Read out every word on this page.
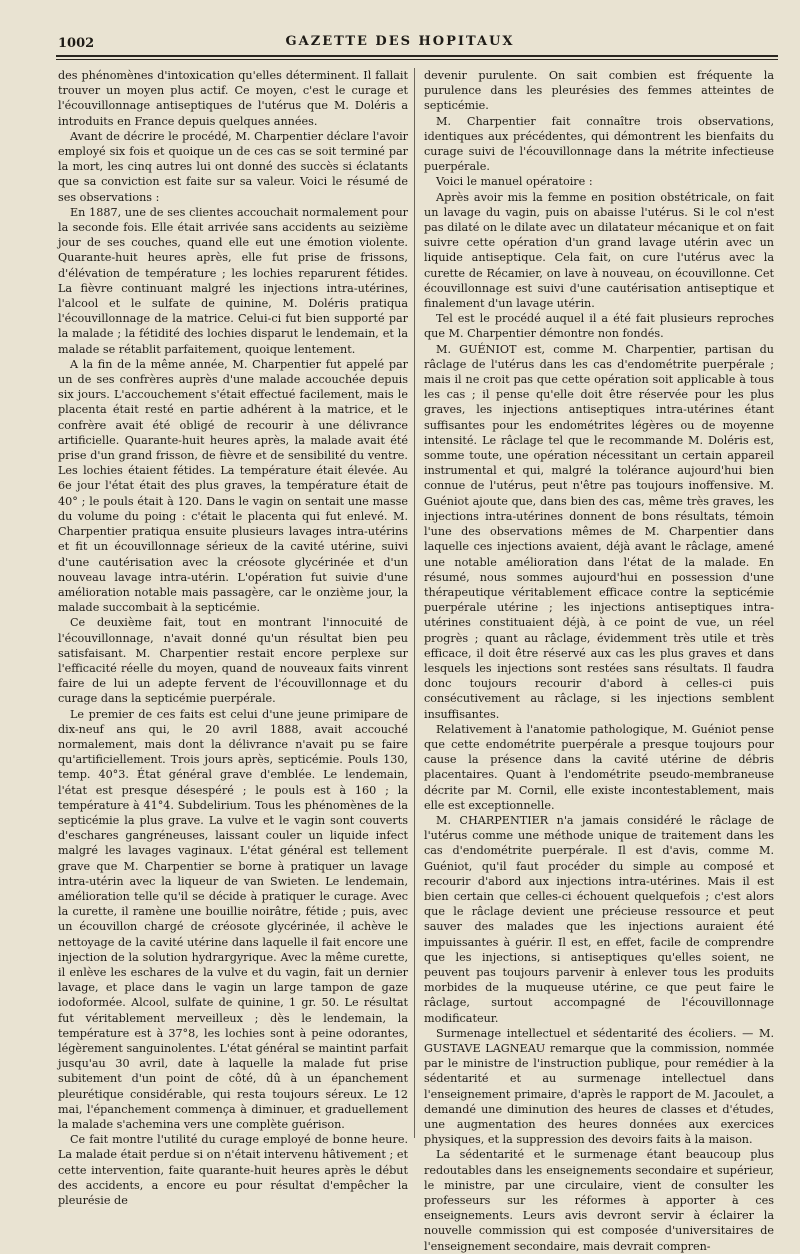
1002	GAZETTE DES HOPITAUX

des phénomènes d'intoxication qu'elles déterminent. Il fallait trouver un moyen plus actif. Ce moyen, c'est le curage et l'écouvillonnage antiseptiques de l'utérus que M. Doléris a introduits en France depuis quelques années.

Avant de décrire le procédé, M. Charpentier déclare l'avoir employé six fois et quoique un de ces cas se soit terminé par la mort, les cinq autres lui ont donné des succès si éclatants que sa conviction est faite sur sa valeur. Voici le résumé de ses observations :

En 1887, une de ses clientes accouchait normalement pour la seconde fois. Elle était arrivée sans accidents au seizième jour de ses couches, quand elle eut une émotion violente. Quarante-huit heures après, elle fut prise de frissons, d'élévation de température ; les lochies reparurent fétides. La fièvre continuant malgré les injections intra-utérines, l'alcool et le sulfate de quinine, M. Doléris pratiqua l'écouvillonnage de la matrice. Celui-ci fut bien supporté par la malade ; la fétidité des lochies disparut le lendemain, et la malade se rétablit parfaitement, quoique lentement.

A la fin de la même année, M. Charpentier fut appelé par un de ses confrères auprès d'une malade accouchée depuis six jours. L'accouchement s'était effectué facilement, mais le placenta était resté en partie adhérent à la matrice, et le confrère avait été obligé de recourir à une délivrance artificielle. Quarante-huit heures après, la malade avait été prise d'un grand frisson, de fièvre et de sensibilité du ventre. Les lochies étaient fétides. La température était élevée. Au 6e jour l'état était des plus graves, la température était de 40° ; le pouls était à 120. Dans le vagin on sentait une masse du volume du poing : c'était le placenta qui fut enlevé. M. Charpentier pratiqua ensuite plusieurs lavages intra-utérins et fit un écouvillonnage sérieux de la cavité utérine, suivi d'une cautérisation avec la créosote glycérinée et d'un nouveau lavage intra-utérin. L'opération fut suivie d'une amélioration notable mais passagère, car le onzième jour, la malade succombait à la septicémie.

Ce deuxième fait, tout en montrant l'innocuité de l'écouvillonnage, n'avait donné qu'un résultat bien peu satisfaisant. M. Charpentier restait encore perplexe sur l'efficacité réelle du moyen, quand de nouveaux faits vinrent faire de lui un adepte fervent de l'écouvillonnage et du curage dans la septicémie puerpérale.

Le premier de ces faits est celui d'une jeune primipare de dix-neuf ans qui, le 20 avril 1888, avait accouché normalement, mais dont la délivrance n'avait pu se faire qu'artificiellement. Trois jours après, septicémie. Pouls 130, temp. 40°3. État général grave d'emblée. Le lendemain, l'état est presque désespéré ; le pouls est à 160 ; la température à 41°4. Subdelirium. Tous les phénomènes de la septicémie la plus grave. La vulve et le vagin sont couverts d'eschares gangréneuses, laissant couler un liquide infect malgré les lavages vaginaux. L'état général est tellement grave que M. Charpentier se borne à pratiquer un lavage intra-utérin avec la liqueur de van Swieten. Le lendemain, amélioration telle qu'il se décide à pratiquer le curage. Avec la curette, il ramène une bouillie noirâtre, fétide ; puis, avec un écouvillon chargé de créosote glycérinée, il achève le nettoyage de la cavité utérine dans laquelle il fait encore une injection de la solution hydrargyrique. Avec la même curette, il enlève les eschares de la vulve et du vagin, fait un dernier lavage, et place dans le vagin un large tampon de gaze iodoformée. Alcool, sulfate de quinine, 1 gr. 50. Le résultat fut véritablement merveilleux ; dès le lendemain, la température est à 37°8, les lochies sont à peine odorantes, légèrement sanguinolentes. L'état général se maintint parfait jusqu'au 30 avril, date à laquelle la malade fut prise subitement d'un point de côté, dû à un épanchement pleurétique considérable, qui resta toujours séreux. Le 12 mai, l'épanchement commença à diminuer, et graduellement la malade s'achemina vers une complète guérison.

Ce fait montre l'utilité du curage employé de bonne heure. La malade était perdue si on n'était intervenu hâtivement ; et cette intervention, faite quarante-huit heures après le début des accidents, a encore eu pour résultat d'empêcher la pleurésie de

devenir purulente. On sait combien est fréquente la purulence dans les pleurésies des femmes atteintes de septicémie.

M. Charpentier fait connaître trois observations, identiques aux précédentes, qui démontrent les bienfaits du curage suivi de l'écouvillonnage dans la métrite infectieuse puerpérale.

Voici le manuel opératoire :

Après avoir mis la femme en position obstétricale, on fait un lavage du vagin, puis on abaisse l'utérus. Si le col n'est pas dilaté on le dilate avec un dilatateur mécanique et on fait suivre cette opération d'un grand lavage utérin avec un liquide antiseptique. Cela fait, on cure l'utérus avec la curette de Récamier, on lave à nouveau, on écouvillonne. Cet écouvillonnage est suivi d'une cautérisation antiseptique et finalement d'un lavage utérin.

Tel est le procédé auquel il a été fait plusieurs reproches que M. Charpentier démontre non fondés.

M. GUÉNIOT est, comme M. Charpentier, partisan du râclage de l'utérus dans les cas d'endométrite puerpérale ; mais il ne croit pas que cette opération soit applicable à tous les cas ; il pense qu'elle doit être réservée pour les plus graves, les injections antiseptiques intra-utérines étant suffisantes pour les endométrites légères ou de moyenne intensité. Le râclage tel que le recommande M. Doléris est, somme toute, une opération nécessitant un certain appareil instrumental et qui, malgré la tolérance aujourd'hui bien connue de l'utérus, peut n'être pas toujours inoffensive. M. Guéniot ajoute que, dans bien des cas, même très graves, les injections intra-utérines donnent de bons résultats, témoin l'une des observations mêmes de M. Charpentier dans laquelle ces injections avaient, déjà avant le râclage, amené une notable amélioration dans l'état de la malade. En résumé, nous sommes aujourd'hui en possession d'une thérapeutique véritablement efficace contre la septicémie puerpérale utérine ; les injections antiseptiques intra-utérines constituaient déjà, à ce point de vue, un réel progrès ; quant au râclage, évidemment très utile et très efficace, il doit être réservé aux cas les plus graves et dans lesquels les injections sont restées sans résultats. Il faudra donc toujours recourir d'abord à celles-ci puis consécutivement au râclage, si les injections semblent insuffisantes.

Relativement à l'anatomie pathologique, M. Guéniot pense que cette endométrite puerpérale a presque toujours pour cause la présence dans la cavité utérine de débris placentaires. Quant à l'endométrite pseudo-membraneuse décrite par M. Cornil, elle existe incontestablement, mais elle est exceptionnelle.

M. CHARPENTIER n'a jamais considéré le râclage de l'utérus comme une méthode unique de traitement dans les cas d'endométrite puerpérale. Il est d'avis, comme M. Guéniot, qu'il faut procéder du simple au composé et recourir d'abord aux injections intra-utérines. Mais il est bien certain que celles-ci échouent quelquefois ; c'est alors que le râclage devient une précieuse ressource et peut sauver des malades que les injections auraient été impuissantes à guérir. Il est, en effet, facile de comprendre que les injections, si antiseptiques qu'elles soient, ne peuvent pas toujours parvenir à enlever tous les produits morbides de la muqueuse utérine, ce que peut faire le râclage, surtout accompagné de l'écouvillonnage modificateur.

Surmenage intellectuel et sédentarité des écoliers. — M. GUSTAVE LAGNEAU remarque que la commission, nommée par le ministre de l'instruction publique, pour remédier à la sédentarité et au surmenage intellectuel dans l'enseignement primaire, d'après le rapport de M. Jacoulet, a demandé une diminution des heures de classes et d'études, une augmentation des heures données aux exercices physiques, et la suppression des devoirs faits à la maison.

La sédentarité et le surmenage étant beaucoup plus redoutables dans les enseignements secondaire et supérieur, le ministre, par une circulaire, vient de consulter les professeurs sur les réformes à apporter à ces enseignements. Leurs avis devront servir à éclairer la nouvelle commission qui est composée d'universitaires de l'enseignement secondaire, mais devrait compren-
